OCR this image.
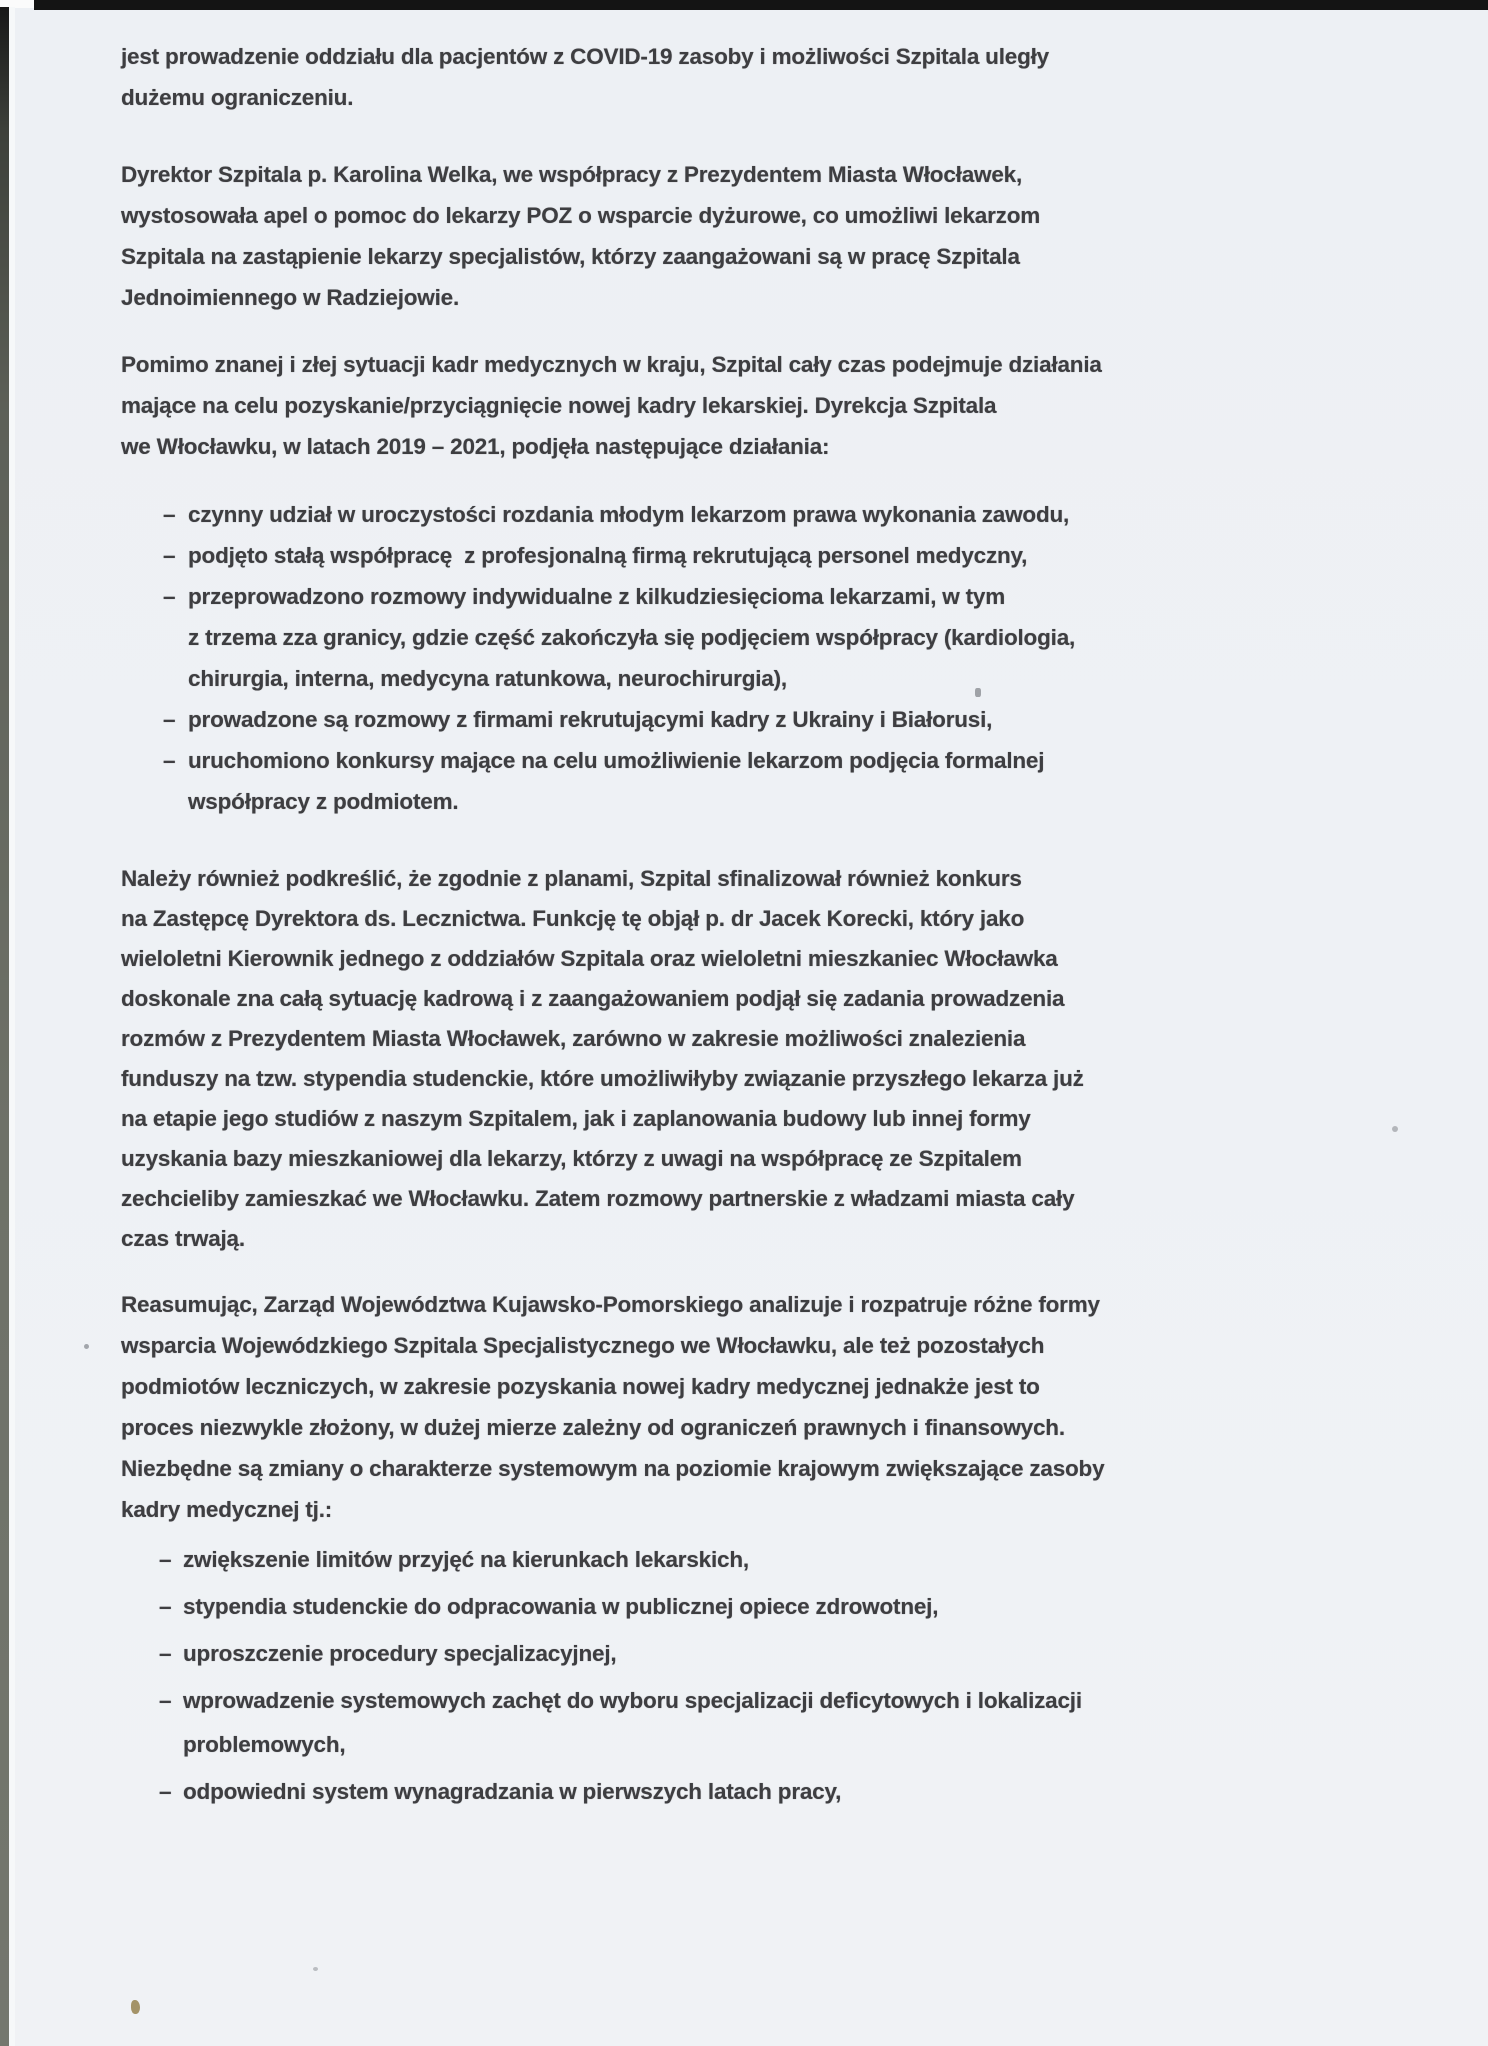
jest prowadzenie oddziału dla pacjentów z COVID-19 zasoby i możliwości Szpitala uległy
dużemu ograniczeniu.
Dyrektor Szpitala p. Karolina Welka, we współpracy z Prezydentem Miasta Włocławek,
wystosowała apel o pomoc do lekarzy POZ o wsparcie dyżurowe, co umożliwi lekarzom
Szpitala na zastąpienie lekarzy specjalistów, którzy zaangażowani są w pracę Szpitala
Jednoimiennego w Radziejowie.
Pomimo znanej i złej sytuacji kadr medycznych w kraju, Szpital cały czas podejmuje działania
mające na celu pozyskanie/przyciągnięcie nowej kadry lekarskiej. Dyrekcja Szpitala
we Włocławku, w latach 2019 – 2021, podjęła następujące działania:
– czynny udział w uroczystości rozdania młodym lekarzom prawa wykonania zawodu,
– podjęto stałą współpracę  z profesjonalną firmą rekrutującą personel medyczny,
– przeprowadzono rozmowy indywidualne z kilkudziesięcioma lekarzami, w tym
z trzema zza granicy, gdzie część zakończyła się podjęciem współpracy (kardiologia,
chirurgia, interna, medycyna ratunkowa, neurochirurgia),
– prowadzone są rozmowy z firmami rekrutującymi kadry z Ukrainy i Białorusi,
– uruchomiono konkursy mające na celu umożliwienie lekarzom podjęcia formalnej
współpracy z podmiotem.
Należy również podkreślić, że zgodnie z planami, Szpital sfinalizował również konkurs
na Zastępcę Dyrektora ds. Lecznictwa. Funkcję tę objął p. dr Jacek Korecki, który jako
wieloletni Kierownik jednego z oddziałów Szpitala oraz wieloletni mieszkaniec Włocławka
doskonale zna całą sytuację kadrową i z zaangażowaniem podjął się zadania prowadzenia
rozmów z Prezydentem Miasta Włocławek, zarówno w zakresie możliwości znalezienia
funduszy na tzw. stypendia studenckie, które umożliwiłyby związanie przyszłego lekarza już
na etapie jego studiów z naszym Szpitalem, jak i zaplanowania budowy lub innej formy
uzyskania bazy mieszkaniowej dla lekarzy, którzy z uwagi na współpracę ze Szpitalem
zechcieliby zamieszkać we Włocławku. Zatem rozmowy partnerskie z władzami miasta cały
czas trwają.
Reasumując, Zarząd Województwa Kujawsko-Pomorskiego analizuje i rozpatruje różne formy
wsparcia Wojewódzkiego Szpitala Specjalistycznego we Włocławku, ale też pozostałych
podmiotów leczniczych, w zakresie pozyskania nowej kadry medycznej jednakże jest to
proces niezwykle złożony, w dużej mierze zależny od ograniczeń prawnych i finansowych.
Niezbędne są zmiany o charakterze systemowym na poziomie krajowym zwiększające zasoby
kadry medycznej tj.:
– zwiększenie limitów przyjęć na kierunkach lekarskich,
– stypendia studenckie do odpracowania w publicznej opiece zdrowotnej,
– uproszczenie procedury specjalizacyjnej,
– wprowadzenie systemowych zachęt do wyboru specjalizacji deficytowych i lokalizacji
problemowych,
– odpowiedni system wynagradzania w pierwszych latach pracy,
